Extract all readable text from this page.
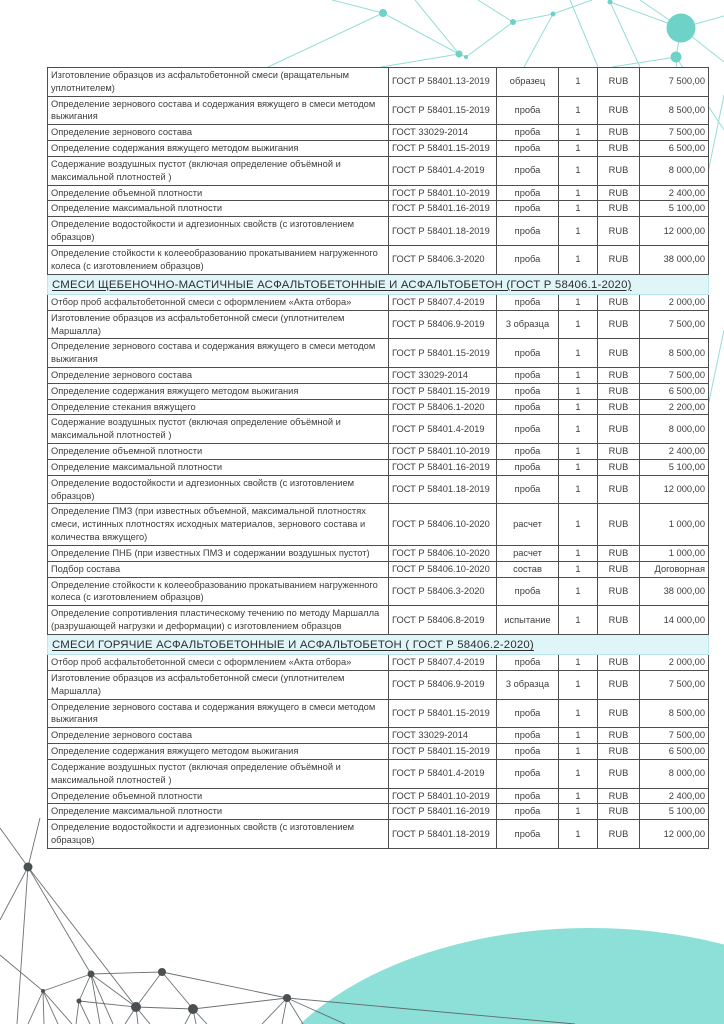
Изготовление образцов из асфальтобетонной смеси (вращательным уплотнителем)	ГОСТ Р 58401.13-2019	образец	1	RUB	7 500,00
Определение зернового состава и содержания вяжущего в смеси методом выжигания	ГОСТ Р 58401.15-2019	проба	1	RUB	8 500,00
Определение зернового состава	ГОСТ 33029-2014	проба	1	RUB	7 500,00
Определение содержания вяжущего методом выжигания	ГОСТ Р 58401.15-2019	проба	1	RUB	6 500,00
Содержание воздушных пустот (включая определение объёмной и максимальной плотностей )	ГОСТ Р 58401.4-2019	проба	1	RUB	8 000,00
Определение объемной плотности	ГОСТ Р 58401.10-2019	проба	1	RUB	2 400,00
Определение максимальной плотности	ГОСТ Р 58401.16-2019	проба	1	RUB	5 100,00
Определение водостойкости и адгезионных свойств (с изготовлением образцов)	ГОСТ Р 58401.18-2019	проба	1	RUB	12 000,00
Определение стойкости к колееобразованию прокатыванием нагруженного колеса (с изготовлением образцов)	ГОСТ Р 58406.3-2020	проба	1	RUB	38 000,00
СМЕСИ ЩЕБЕНОЧНО-МАСТИЧНЫЕ АСФАЛЬТОБЕТОННЫЕ И АСФАЛЬТОБЕТОН (ГОСТ Р 58406.1-2020)					
Отбор проб асфальтобетонной смеси с оформлением «Акта отбора»	ГОСТ Р 58407.4-2019	проба	1	RUB	2 000,00
Изготовление образцов из асфальтобетонной смеси (уплотнителем Маршалла)	ГОСТ Р 58406.9-2019	3 образца	1	RUB	7 500,00
Определение зернового состава и содержания вяжущего в смеси методом выжигания	ГОСТ Р 58401.15-2019	проба	1	RUB	8 500,00
Определение зернового состава	ГОСТ 33029-2014	проба	1	RUB	7 500,00
Определение содержания вяжущего методом выжигания	ГОСТ Р 58401.15-2019	проба	1	RUB	6 500,00
Определение стекания вяжущего	ГОСТ Р 58406.1-2020	проба	1	RUB	2 200,00
Содержание воздушных пустот (включая определение объёмной и максимальной плотностей )	ГОСТ Р 58401.4-2019	проба	1	RUB	8 000,00
Определение объемной плотности	ГОСТ Р 58401.10-2019	проба	1	RUB	2 400,00
Определение максимальной плотности	ГОСТ Р 58401.16-2019	проба	1	RUB	5 100,00
Определение водостойкости и адгезионных свойств (с изготовлением образцов)	ГОСТ Р 58401.18-2019	проба	1	RUB	12 000,00
Определение ПМЗ (при известных объемной, максимальной плотностях смеси, истинных плотностях исходных материалов, зернового состава и количества вяжущего)	ГОСТ Р 58406.10-2020	расчет	1	RUB	1 000,00
Определение ПНБ (при известных ПМЗ и содержании воздушных пустот)	ГОСТ Р 58406.10-2020	расчет	1	RUB	1 000,00
Подбор состава	ГОСТ Р 58406.10-2020	состав	1	RUB	Договорная
Определение стойкости к колееобразованию прокатыванием нагруженного колеса (с изготовлением образцов)	ГОСТ Р 58406.3-2020	проба	1	RUB	38 000,00
Определение сопротивления пластическому течению по методу Маршалла (разрушающей нагрузки и деформации) с изготовлением образцов	ГОСТ Р 58406.8-2019	испытание	1	RUB	14 000,00
СМЕСИ ГОРЯЧИЕ АСФАЛЬТОБЕТОННЫЕ И АСФАЛЬТОБЕТОН ( ГОСТ Р 58406.2-2020)					
Отбор проб асфальтобетонной смеси с оформлением «Акта отбора»	ГОСТ Р 58407.4-2019	проба	1	RUB	2 000,00
Изготовление образцов из асфальтобетонной смеси (уплотнителем Маршалла)	ГОСТ Р 58406.9-2019	3 образца	1	RUB	7 500,00
Определение зернового состава и содержания вяжущего в смеси методом выжигания	ГОСТ Р 58401.15-2019	проба	1	RUB	8 500,00
Определение зернового состава	ГОСТ 33029-2014	проба	1	RUB	7 500,00
Определение содержания вяжущего методом выжигания	ГОСТ Р 58401.15-2019	проба	1	RUB	6 500,00
Содержание воздушных пустот (включая определение объёмной и максимальной плотностей )	ГОСТ Р 58401.4-2019	проба	1	RUB	8 000,00
Определение объемной плотности	ГОСТ Р 58401.10-2019	проба	1	RUB	2 400,00
Определение максимальной плотности	ГОСТ Р 58401.16-2019	проба	1	RUB	5 100,00
Определение водостойкости и адгезионных свойств (с изготовлением образцов)	ГОСТ Р 58401.18-2019	проба	1	RUB	12 000,00
